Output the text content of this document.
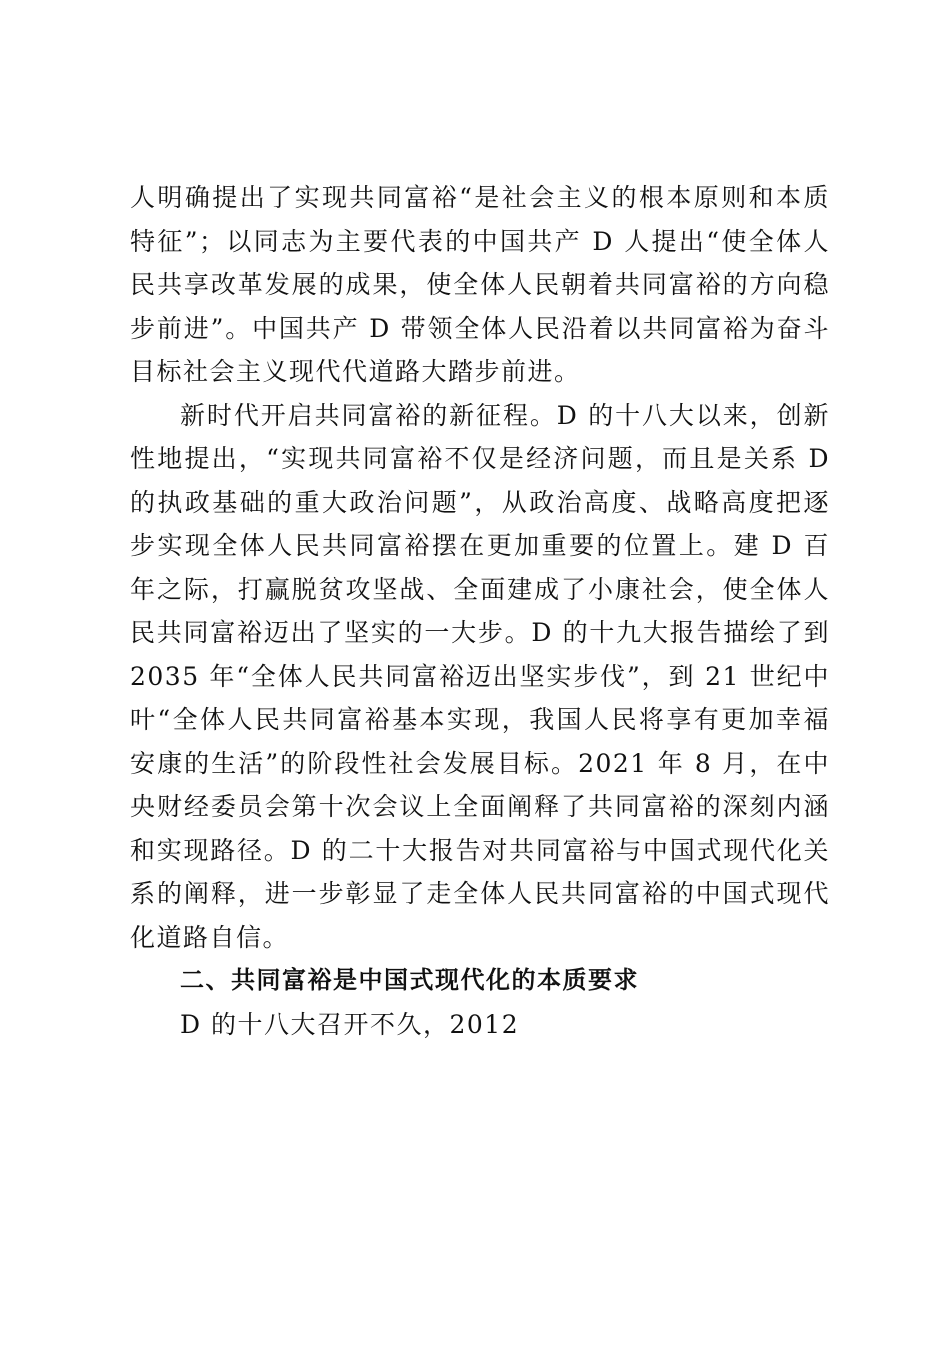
人明确提出了实现共同富裕“是社会主义的根本原则和本质特征”；以同志为主要代表的中国共产 D 人提出“使全体人民共享改革发展的成果，使全体人民朝着共同富裕的方向稳步前进”。中国共产 D 带领全体人民沿着以共同富裕为奋斗目标社会主义现代代道路大踏步前进。

新时代开启共同富裕的新征程。D 的十八大以来，创新性地提出，“实现共同富裕不仅是经济问题，而且是关系 D 的执政基础的重大政治问题”，从政治高度、战略高度把逐步实现全体人民共同富裕摆在更加重要的位置上。建 D 百年之际，打赢脱贫攻坚战、全面建成了小康社会，使全体人民共同富裕迈出了坚实的一大步。D 的十九大报告描绘了到 2035 年“全体人民共同富裕迈出坚实步伐”，到 21 世纪中叶“全体人民共同富裕基本实现，我国人民将享有更加幸福安康的生活”的阶段性社会发展目标。2021 年 8 月，在中央财经委员会第十次会议上全面阐释了共同富裕的深刻内涵和实现路径。D 的二十大报告对共同富裕与中国式现代化关系的阐释，进一步彰显了走全体人民共同富裕的中国式现代化道路自信。

二、共同富裕是中国式现代化的本质要求

D 的十八大召开不久，2012
